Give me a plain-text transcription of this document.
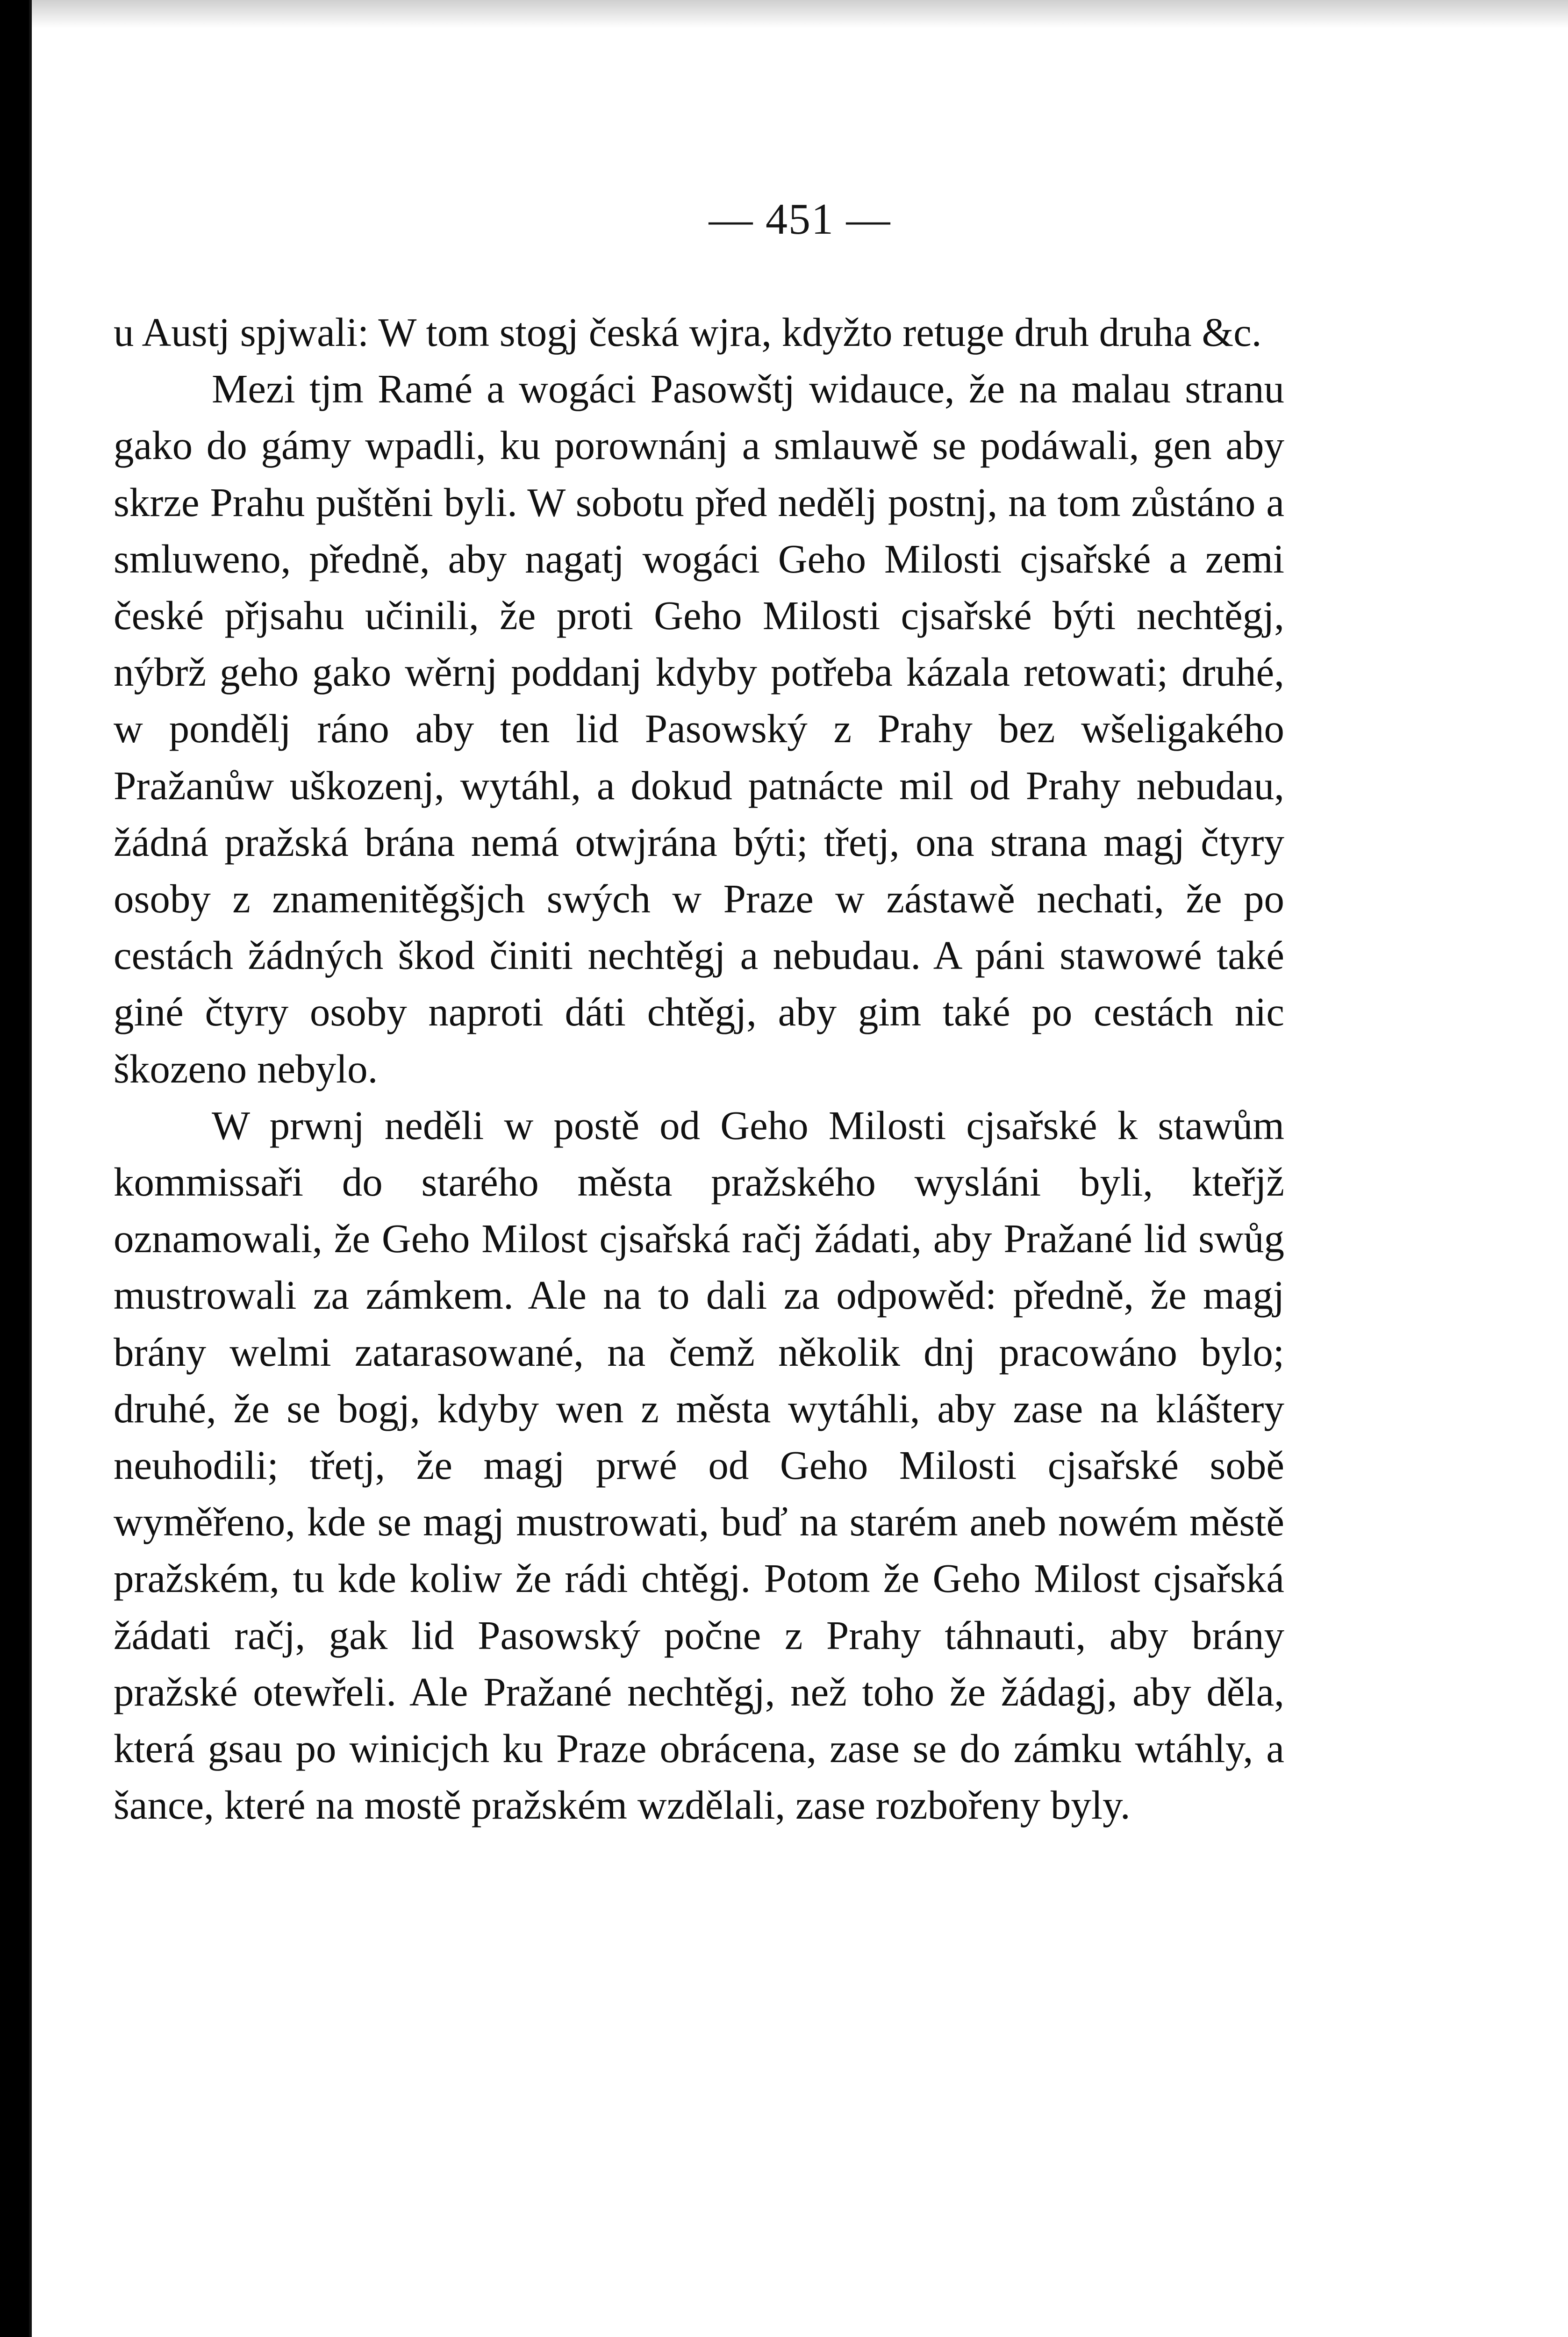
— 451 —

u Austj spjwali: W tom stogj česká wjra, kdyžto retuge druh druha &c.

Mezi tjm Ramé a wogáci Pasowštj widauce, že na malau stranu gako do gámy wpadli, ku porownánj a smlauwě se podáwali, gen aby skrze Prahu puštěni byli. W sobotu před nedělj postnj, na tom zůstáno a smluweno, předně, aby nagatj wogáci Geho Milosti cjsařské a zemi české přjsahu učinili, že proti Geho Milosti cjsařské býti nechtěgj, nýbrž geho gako wěrnj poddanj kdyby potřeba kázala retowati; druhé, w pondělj ráno aby ten lid Pasowský z Prahy bez wšeligakého Pražanůw uškozenj, wytáhl, a dokud patnácte mil od Prahy nebudau, žádná pražská brána nemá otwjrána býti; třetj, ona strana magj čtyry osoby z znamenitěgšjch swých w Praze w zástawě nechati, že po cestách žádných škod činiti nechtěgj a nebudau. A páni stawowé také giné čtyry osoby naproti dáti chtěgj, aby gim také po cestách nic škozeno nebylo.

W prwnj neděli w postě od Geho Milosti cjsařské k stawům kommissaři do starého města pražského wysláni byli, kteřjž oznamowali, že Geho Milost cjsařská račj žádati, aby Pražané lid swůg mustrowali za zámkem. Ale na to dali za odpowěd: předně, že magj brány welmi zatarasowané, na čemž několik dnj pracowáno bylo; druhé, že se bogj, kdyby wen z města wytáhli, aby zase na kláštery neuhodili; třetj, že magj prwé od Geho Milosti cjsařské sobě wyměřeno, kde se magj mustrowati, buď na starém aneb nowém městě pražském, tu kde koliw že rádi chtěgj. Potom že Geho Milost cjsařská žádati račj, gak lid Pasowský počne z Prahy táhnauti, aby brány pražské otewřeli. Ale Pražané nechtěgj, než toho že žádagj, aby děla, která gsau po winicjch ku Praze obrácena, zase se do zámku wtáhly, a šance, které na mostě pražském wzdělali, zase rozbořeny byly.
